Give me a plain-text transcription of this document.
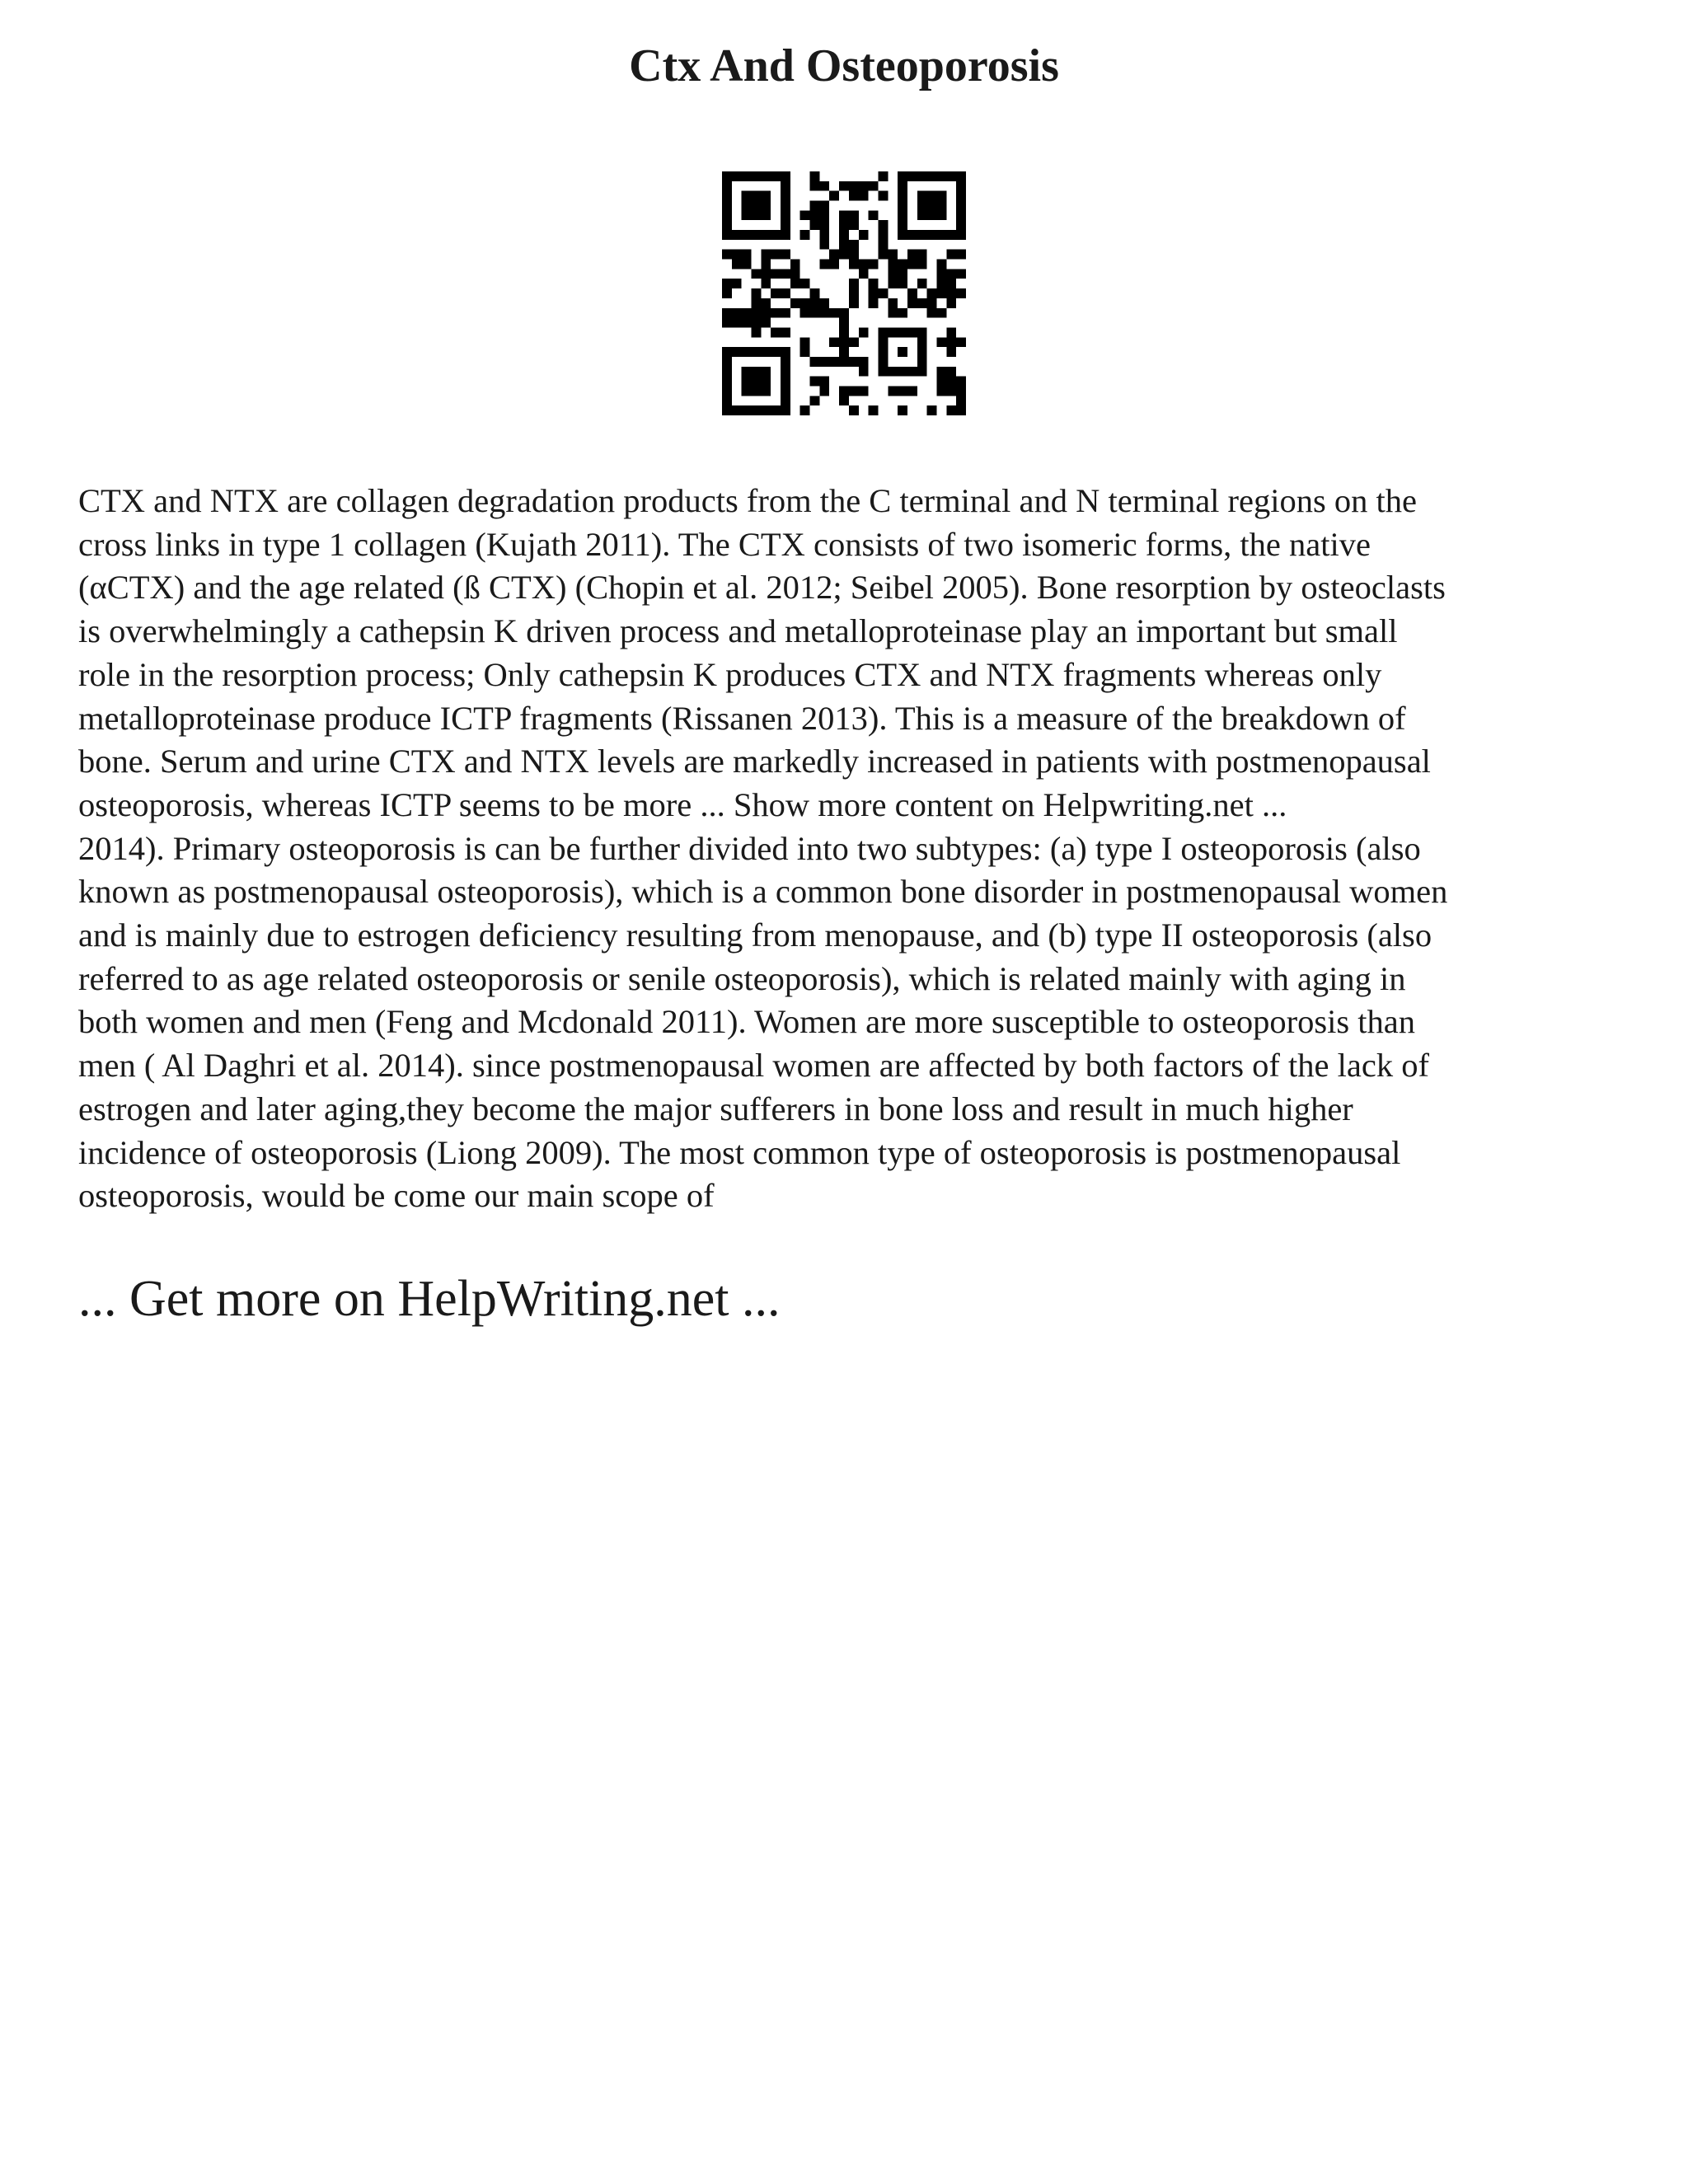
Ctx And Osteoporosis
CTX and NTX are collagen degradation products from the C terminal and N terminal regions on the
cross links in type 1 collagen (Kujath 2011). The CTX consists of two isomeric forms, the native
(αCTX) and the age related (ß CTX) (Chopin et al. 2012; Seibel 2005). Bone resorption by osteoclasts
is overwhelmingly a cathepsin K driven process and metalloproteinase play an important but small
role in the resorption process; Only cathepsin K produces CTX and NTX fragments whereas only
metalloproteinase produce ICTP fragments (Rissanen 2013). This is a measure of the breakdown of
bone. Serum and urine CTX and NTX levels are markedly increased in patients with postmenopausal
osteoporosis, whereas ICTP seems to be more ... Show more content on Helpwriting.net ...
2014). Primary osteoporosis is can be further divided into two subtypes: (a) type I osteoporosis (also
known as postmenopausal osteoporosis), which is a common bone disorder in postmenopausal women
and is mainly due to estrogen deficiency resulting from menopause, and (b) type II osteoporosis (also
referred to as age related osteoporosis or senile osteoporosis), which is related mainly with aging in
both women and men (Feng and Mcdonald 2011). Women are more susceptible to osteoporosis than
men ( Al Daghri et al. 2014). since postmenopausal women are affected by both factors of the lack of
estrogen and later aging,they become the major sufferers in bone loss and result in much higher
incidence of osteoporosis (Liong 2009). The most common type of osteoporosis is postmenopausal
osteoporosis, would be come our main scope of

... Get more on HelpWriting.net ...
